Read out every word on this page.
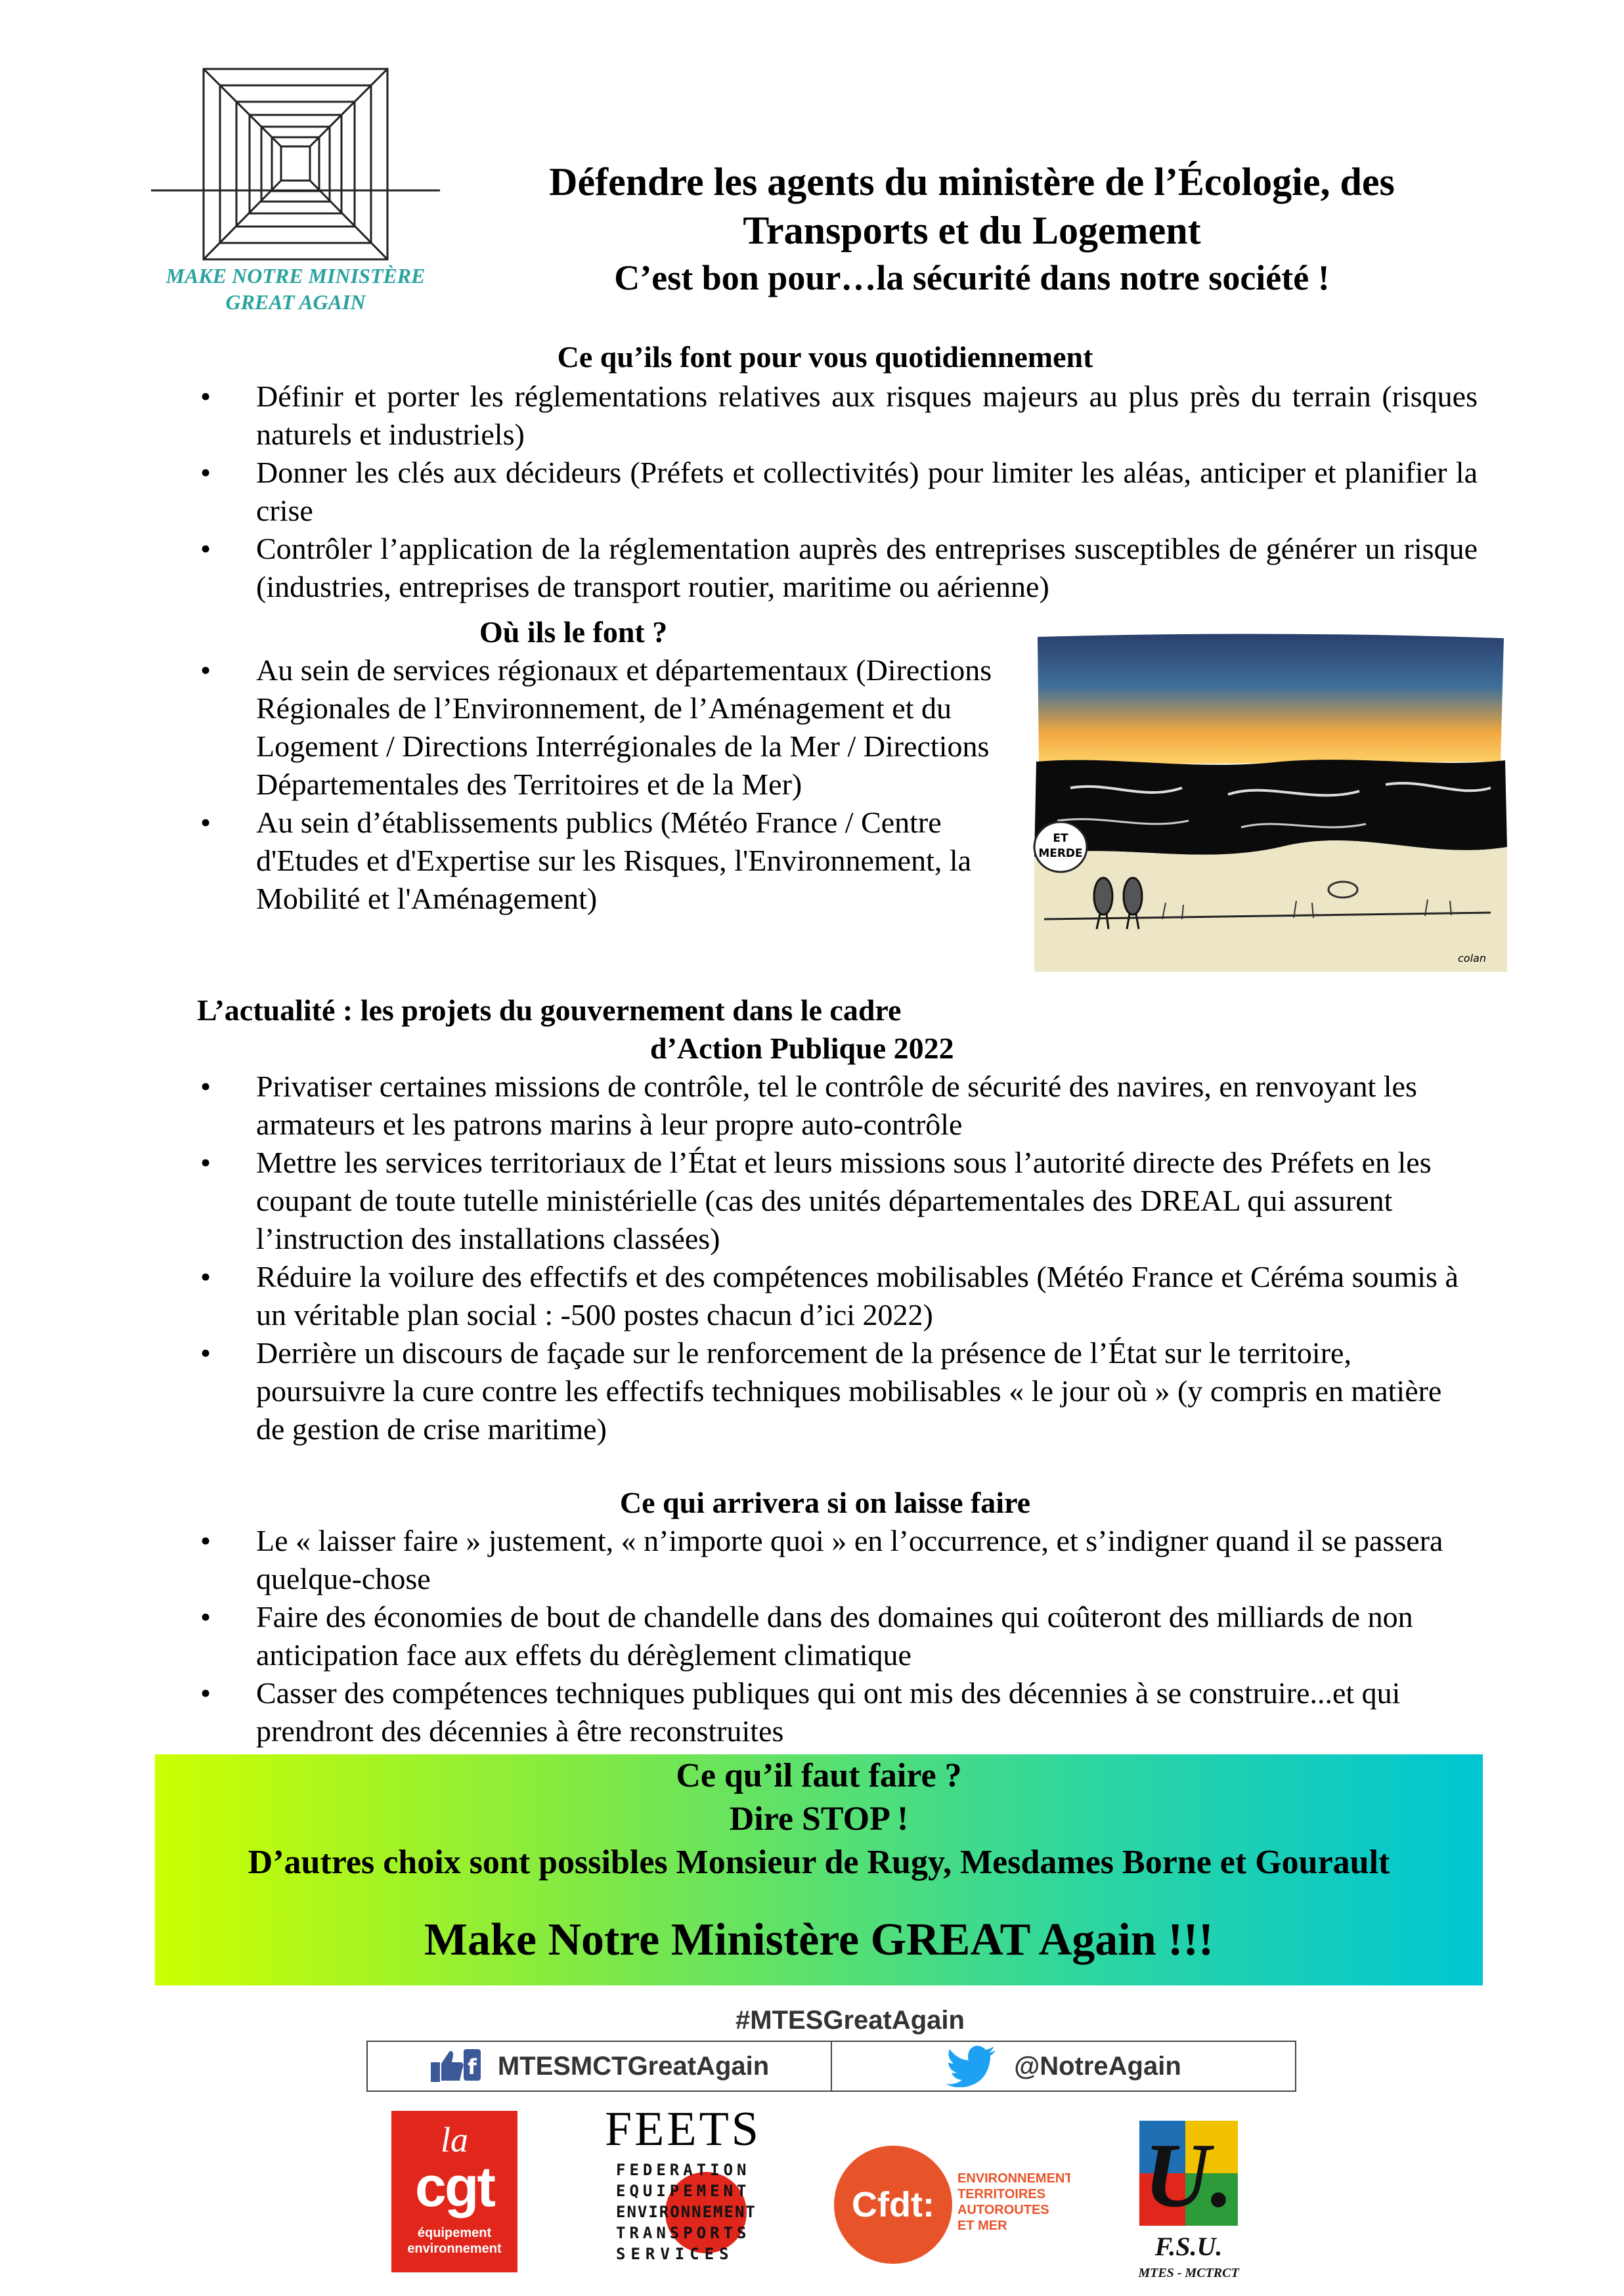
MAKE NOTRE MINISTÈRE
GREAT AGAIN
Défendre les agents du ministère de l’Écologie, des
Transports et du Logement
C’est bon pour…la sécurité dans notre société !
Ce qu’ils font pour vous quotidiennement
• Définir et porter les réglementations relatives aux risques majeurs au plus près du terrain (risques naturels et industriels)
• Donner les clés aux décideurs (Préfets et collectivités) pour limiter les aléas, anticiper et planifier la crise
• Contrôler l’application de la réglementation auprès des entreprises susceptibles de générer un risque (industries, entreprises de transport routier, maritime ou aérienne)
Où ils le font ?
• Au sein de services régionaux et départementaux (Directions Régionales de l’Environnement, de l’Aménagement et du Logement / Directions Interrégionales de la Mer / Directions Départementales des Territoires et de la Mer)
• Au sein d’établissements publics (Météo France / Centre d'Etudes et d'Expertise sur les Risques, l'Environnement, la Mobilité et l'Aménagement)
ET
MERDE
colan
L’actualité : les projets du gouvernement dans le cadre
d’Action Publique 2022
• Privatiser certaines missions de contrôle, tel le contrôle de sécurité des navires, en renvoyant les armateurs et les patrons marins à leur propre auto-contrôle
• Mettre les services territoriaux de l’État et leurs missions sous l’autorité directe des Préfets en les coupant de toute tutelle ministérielle (cas des unités départementales des DREAL qui assurent l’instruction des installations classées)
• Réduire la voilure des effectifs et des compétences mobilisables (Météo France et Céréma soumis à un véritable plan social : -500 postes chacun d’ici 2022)
• Derrière un discours de façade sur le renforcement de la présence de l’État sur le territoire, poursuivre la cure contre les effectifs techniques mobilisables « le jour où » (y compris en matière de gestion de crise maritime)
Ce qui arrivera si on laisse faire
• Le « laisser faire » justement, « n’importe quoi » en l’occurrence, et s’indigner quand il se passera quelque-chose
• Faire des économies de bout de chandelle dans des domaines qui coûteront des milliards de non anticipation face aux effets du dérèglement climatique
• Casser des compétences techniques publiques qui ont mis des décennies à se construire...et qui prendront des décennies à être reconstruites
Ce qu’il faut faire ?
Dire STOP !
D’autres choix sont possibles Monsieur de Rugy, Mesdames Borne et Gourault
Make Notre Ministère GREAT Again !!!
#MTESGreatAgain
f MTESMCTGreatAgain	@NotreAgain
la
cgt
équipement
environnement
FEETS
FEDERATION
EQUIPEMENT
ENVIRONNEMENT
TRANSPORTS
SERVICES
Cfdt:
ENVIRONNEMENT
TERRITOIRES
AUTOROUTES
ET MER U.
F.S.U.
MTES - MCTRCT
